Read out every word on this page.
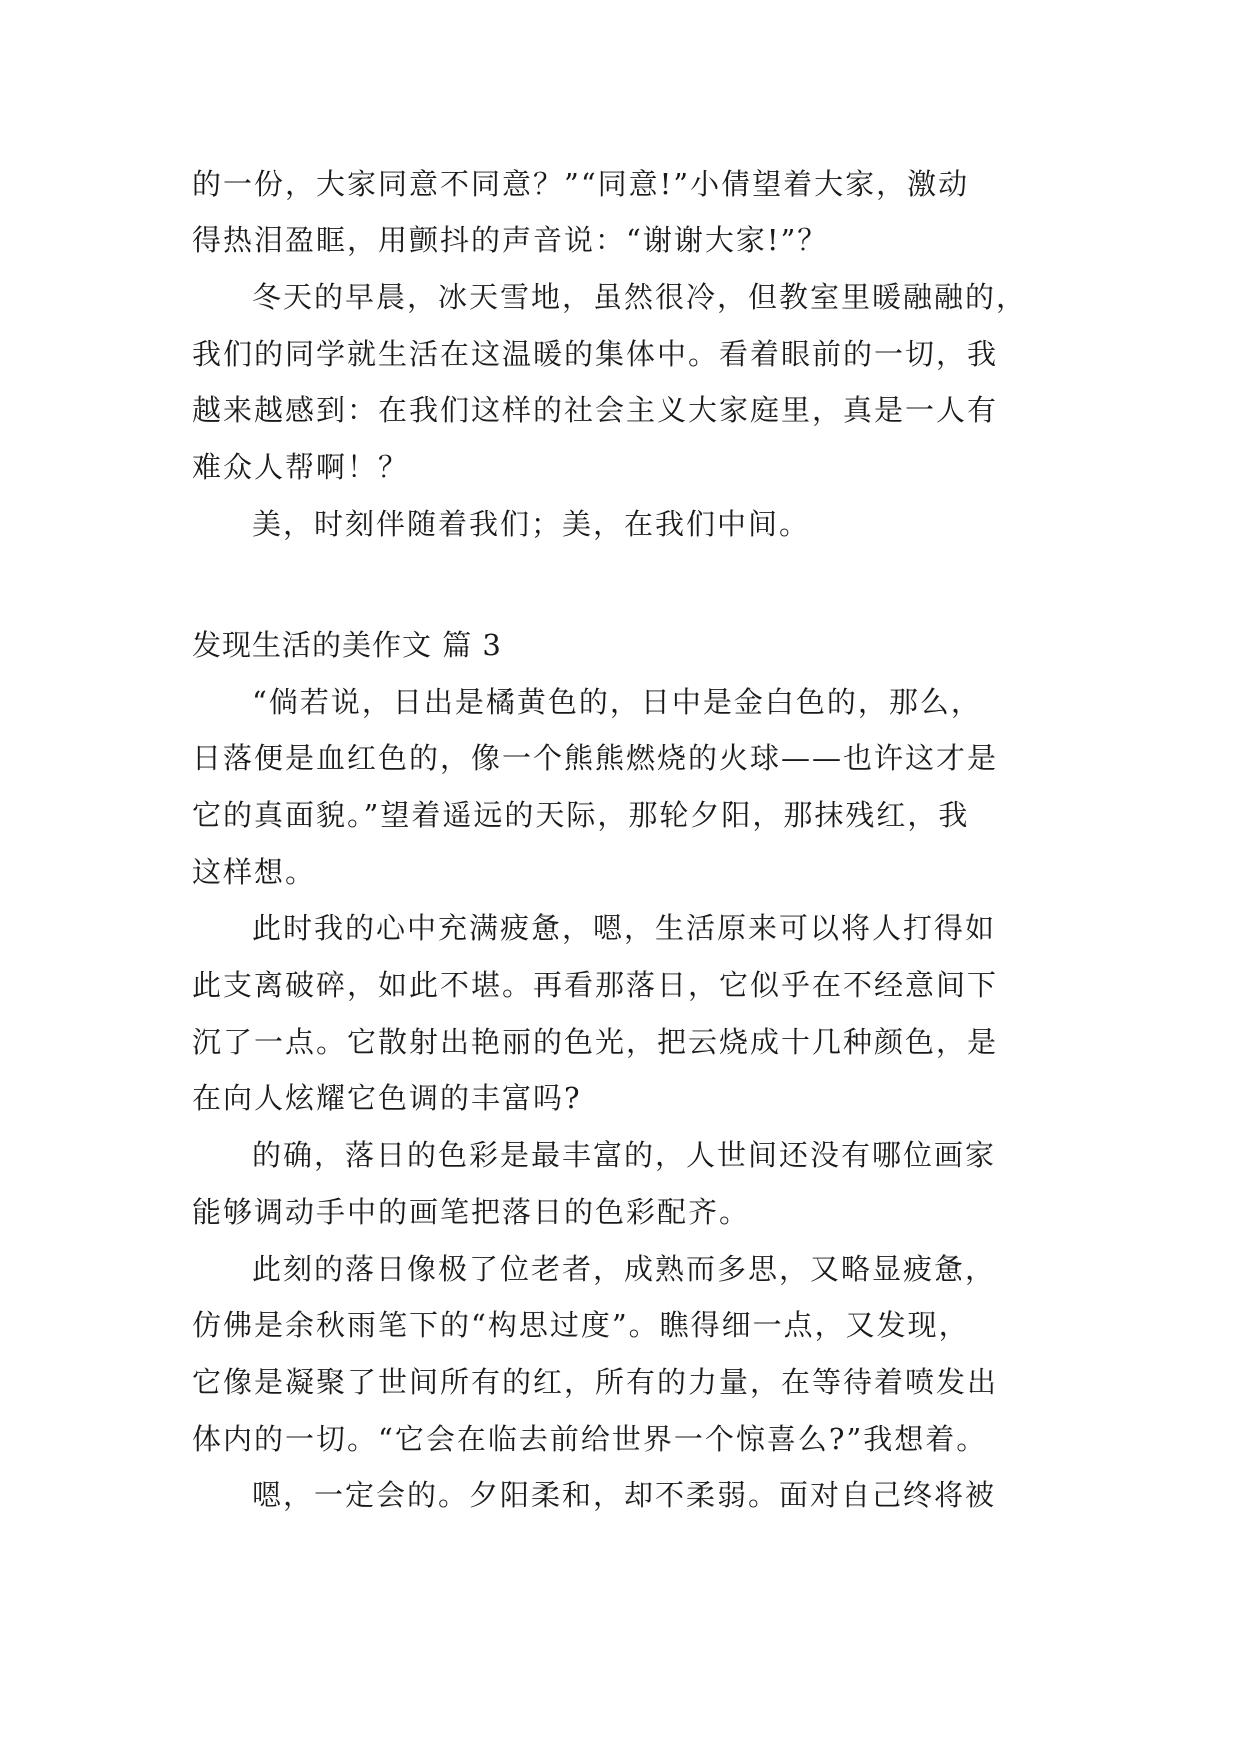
的一份，大家同意不同意？”“同意!”小倩望着大家，激动
得热泪盈眶，用颤抖的声音说：“谢谢大家!”？
冬天的早晨，冰天雪地，虽然很冷，但教室里暖融融的，
我们的同学就生活在这温暖的集体中。看着眼前的一切，我
越来越感到：在我们这样的社会主义大家庭里，真是一人有
难众人帮啊！？
美，时刻伴随着我们；美，在我们中间。
发现生活的美作文 篇 3
“倘若说，日出是橘黄色的，日中是金白色的，那么，
日落便是血红色的，像一个熊熊燃烧的火球——也许这才是
它的真面貌。”望着遥远的天际，那轮夕阳，那抹残红，我
这样想。
此时我的心中充满疲惫，嗯，生活原来可以将人打得如
此支离破碎，如此不堪。再看那落日，它似乎在不经意间下
沉了一点。它散射出艳丽的色光，把云烧成十几种颜色，是
在向人炫耀它色调的丰富吗?
的确，落日的色彩是最丰富的，人世间还没有哪位画家
能够调动手中的画笔把落日的色彩配齐。
此刻的落日像极了位老者，成熟而多思，又略显疲惫，
仿佛是余秋雨笔下的“构思过度”。瞧得细一点，又发现，
它像是凝聚了世间所有的红，所有的力量，在等待着喷发出
体内的一切。“它会在临去前给世界一个惊喜么?”我想着。
嗯，一定会的。夕阳柔和，却不柔弱。面对自己终将被
